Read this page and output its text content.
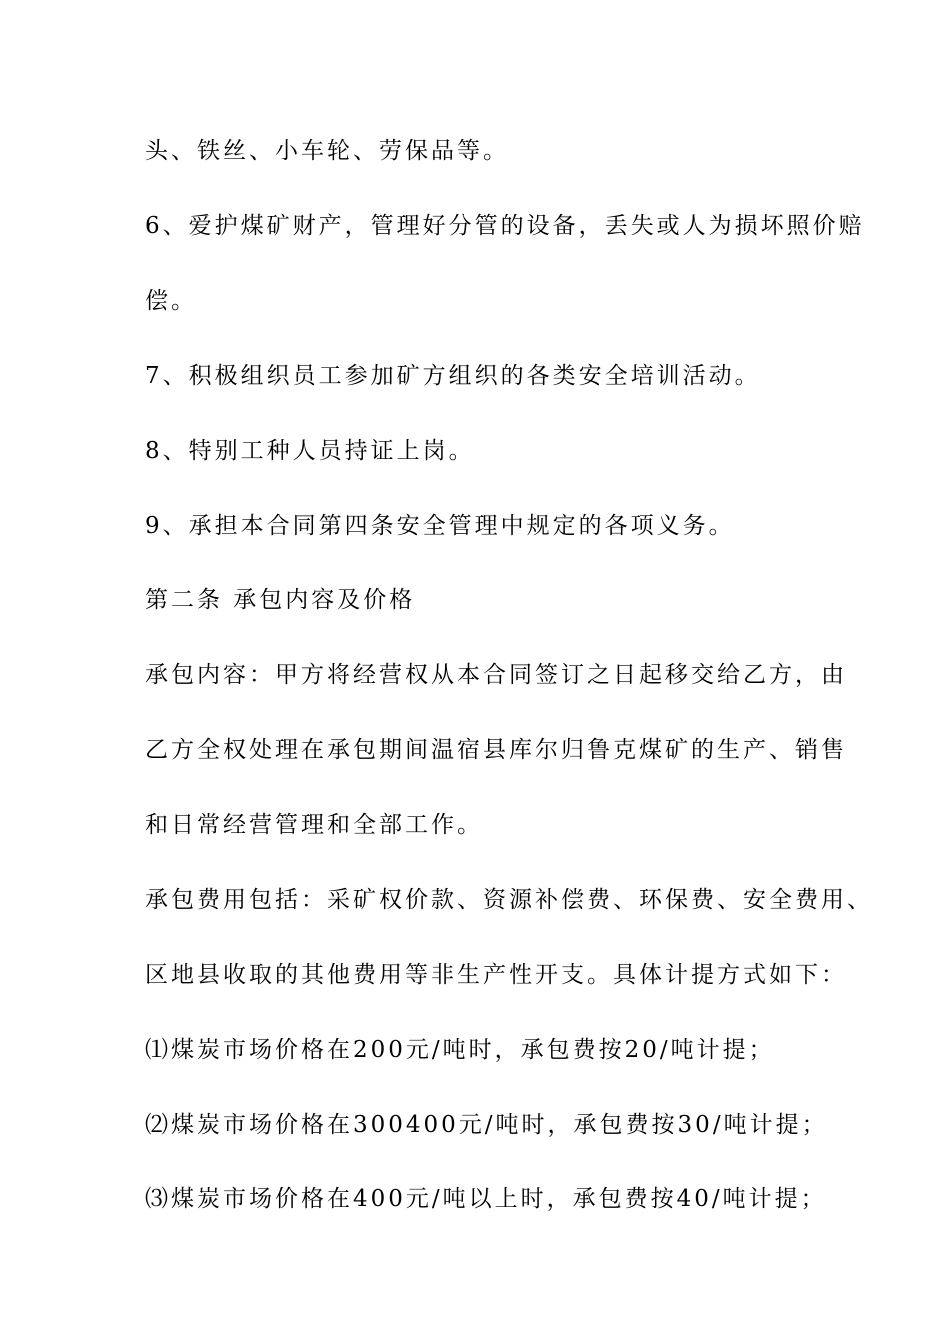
头、铁丝、小车轮、劳保品等。

6、爱护煤矿财产，管理好分管的设备，丢失或人为损坏照价赔

偿。

7、积极组织员工参加矿方组织的各类安全培训活动。

8、特别工种人员持证上岗。

9、承担本合同第四条安全管理中规定的各项义务。

第二条 承包内容及价格

承包内容：甲方将经营权从本合同签订之日起移交给乙方，由

乙方全权处理在承包期间温宿县库尔归鲁克煤矿的生产、销售

和日常经营管理和全部工作。

承包费用包括：采矿权价款、资源补偿费、环保费、安全费用、

区地县收取的其他费用等非生产性开支。具体计提方式如下：

⑴煤炭市场价格在200元/吨时，承包费按20/吨计提；

⑵煤炭市场价格在300400元/吨时，承包费按30/吨计提；

⑶煤炭市场价格在400元/吨以上时，承包费按40/吨计提；
